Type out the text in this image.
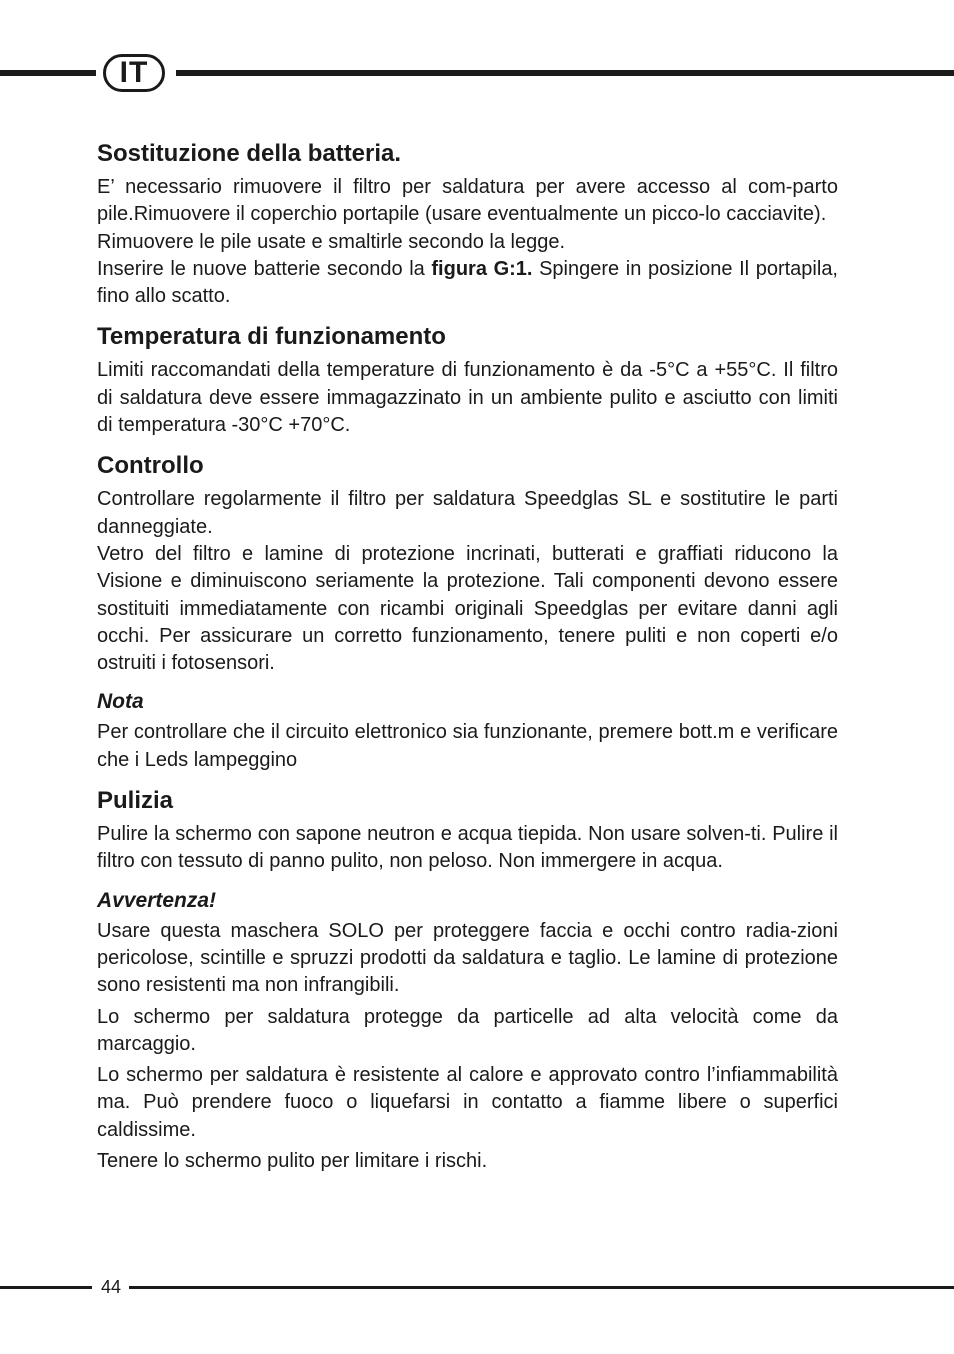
IT
Sostituzione della batteria.

E’ necessario rimuovere il filtro per saldatura per avere accesso al com-parto pile.Rimuovere il coperchio portapile (usare eventualmente un picco-lo cacciavite).

Rimuovere le pile usate e smaltirle secondo la legge.

Inserire le nuove batterie secondo la figura G:1. Spingere in posizione Il portapila, fino allo scatto.

Temperatura di funzionamento

Limiti raccomandati della temperature di funzionamento è da -5°C a +55°C. Il filtro di saldatura deve essere immagazzinato in un ambiente pulito e asciutto con limiti di temperatura -30°C +70°C.

Controllo

Controllare regolarmente il filtro per saldatura Speedglas SL e sostitutire le parti danneggiate.

Vetro del filtro e lamine di protezione incrinati, butterati e graffiati riducono la Visione e diminuiscono seriamente la protezione. Tali componenti devono essere sostituiti immediatamente con ricambi originali Speedglas per evitare danni agli occhi. Per assicurare un corretto funzionamento, tenere puliti e non coperti e/o ostruiti i fotosensori.

Nota

Per controllare che il circuito elettronico sia funzionante, premere bott.m e verificare che i Leds lampeggino

Pulizia

Pulire la schermo con sapone neutron e acqua tiepida. Non usare solven-ti. Pulire il filtro con tessuto di panno pulito, non peloso. Non immergere in acqua.

Avvertenza!

Usare questa maschera SOLO per proteggere faccia e occhi contro radia-zioni pericolose, scintille e spruzzi prodotti da saldatura e taglio. Le lamine di protezione sono resistenti ma non infrangibili.

Lo schermo per saldatura protegge da particelle ad alta velocità come da marcaggio.

Lo schermo per saldatura è resistente al calore e approvato contro l’infiammabilità ma. Può prendere fuoco o liquefarsi in contatto a fiamme libere o superfici caldissime.

Tenere lo schermo pulito per limitare i rischi.

44
